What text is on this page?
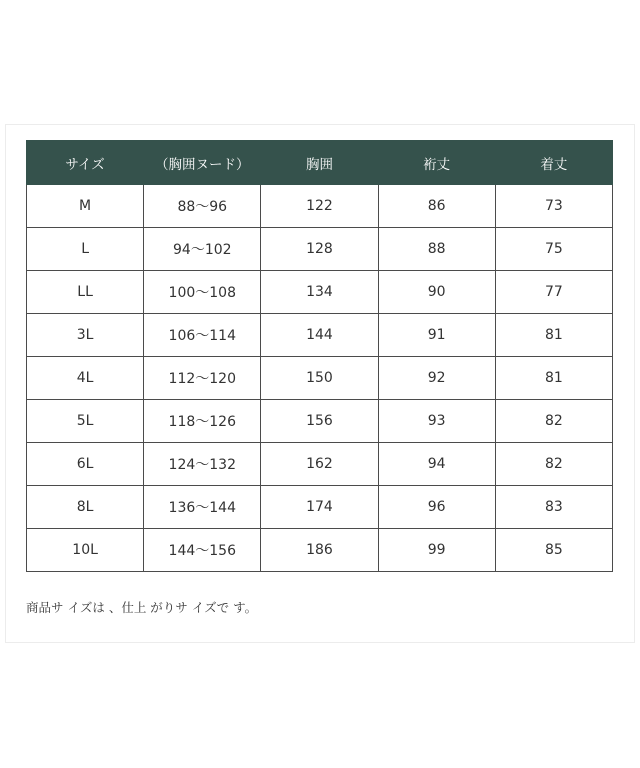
サイズ	（胸囲ヌード）	胸囲	裄丈	着丈
M	88～96	122	86	73
L	94～102	128	88	75
LL	100～108	134	90	77
3L	106～114	144	91	81
4L	112～120	150	92	81
5L	118～126	156	93	82
6L	124～132	162	94	82
8L	136～144	174	96	83
10L	144～156	186	99	85
商品サ イズは 、仕上 がりサ イズで す。
